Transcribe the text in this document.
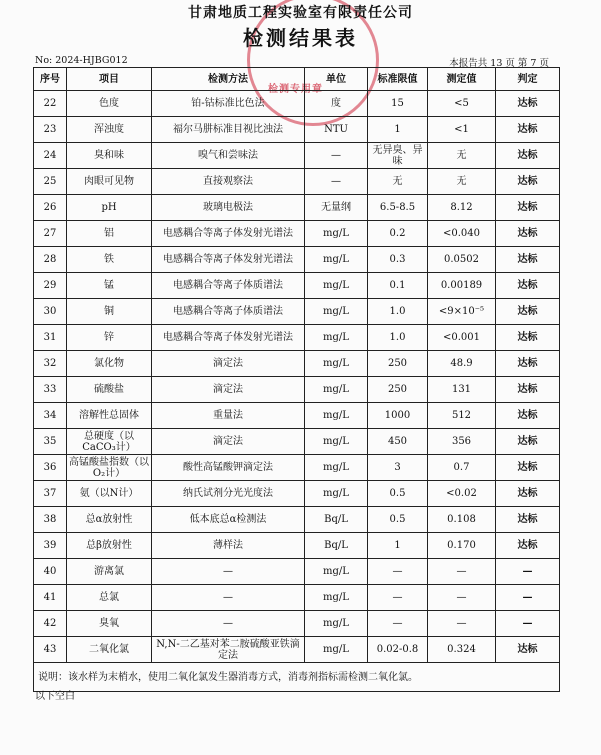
检测专用章
甘肃地质工程实验室有限责任公司
检测结果表
No: 2024-HJBG012	本报告共 13 页 第 7 页
序号	项目	检测方法	单位	标准限值	测定值	判定
22	色度	铂-钴标准比色法	度	15	<5	达标
23	浑浊度	福尔马肼标准目视比浊法	NTU	1	<1	达标
24	臭和味	嗅气和尝味法	—	无异臭、异味	无	达标
25	肉眼可见物	直接观察法	—	无	无	达标
26	pH	玻璃电极法	无量纲	6.5-8.5	8.12	达标
27	铝	电感耦合等离子体发射光谱法	mg/L	0.2	<0.040	达标
28	铁	电感耦合等离子体发射光谱法	mg/L	0.3	0.0502	达标
29	锰	电感耦合等离子体质谱法	mg/L	0.1	0.00189	达标
30	铜	电感耦合等离子体质谱法	mg/L	1.0	<9×10⁻⁵	达标
31	锌	电感耦合等离子体发射光谱法	mg/L	1.0	<0.001	达标
32	氯化物	滴定法	mg/L	250	48.9	达标
33	硫酸盐	滴定法	mg/L	250	131	达标
34	溶解性总固体	重量法	mg/L	1000	512	达标
35	总硬度（以CaCO₃计）	滴定法	mg/L	450	356	达标
36	高锰酸盐指数（以O₂计）	酸性高锰酸钾滴定法	mg/L	3	0.7	达标
37	氨（以N计）	纳氏试剂分光光度法	mg/L	0.5	<0.02	达标
38	总α放射性	低本底总α检测法	Bq/L	0.5	0.108	达标
39	总β放射性	薄样法	Bq/L	1	0.170	达标
40	游离氯	—	mg/L	—	—	—
41	总氯	—	mg/L	—	—	—
42	臭氧	—	mg/L	—	—	—
43	二氧化氯	N,N-二乙基对苯二胺硫酸亚铁滴定法	mg/L	0.02-0.8	0.324	达标
说明：该水样为末梢水，使用二氧化氯发生器消毒方式，消毒剂指标需检测二氧化氯。						
以下空白
